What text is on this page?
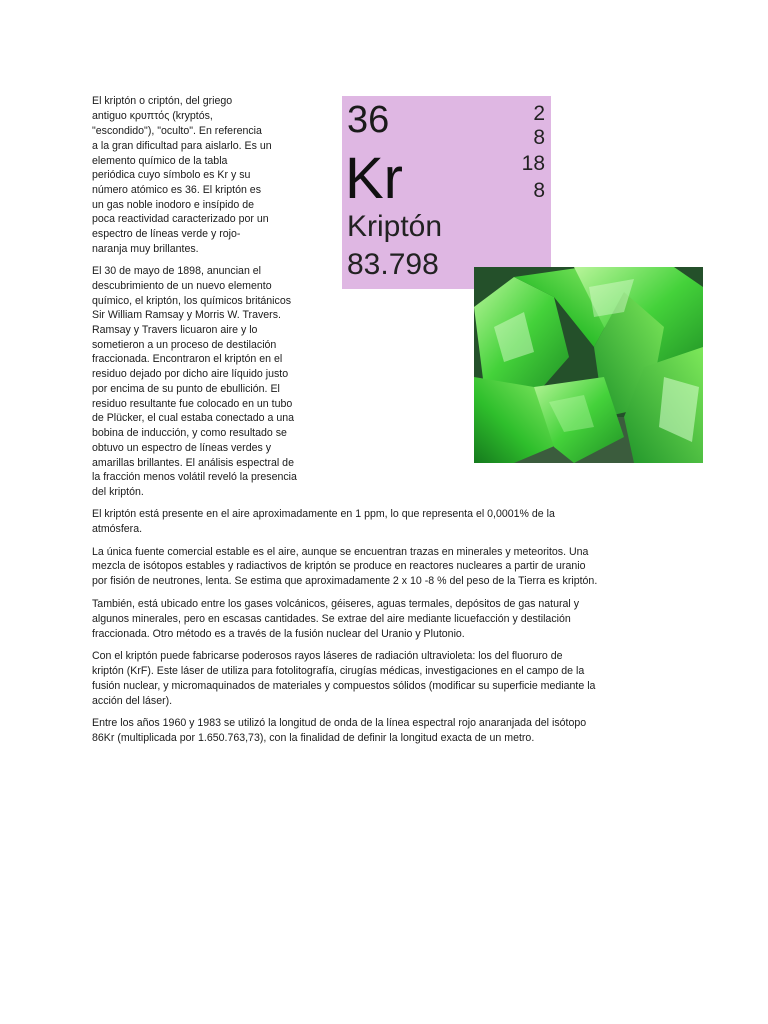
36
Kr
Kriptón
83.798
2
8
18
8
El kriptón o criptón, del griego
antiguo κρυπτός (kryptós,
"escondido"), "oculto". En referencia
a la gran dificultad para aislarlo. Es un
elemento químico de la tabla
periódica cuyo símbolo es Kr y su
número atómico es 36. El kriptón es
un gas noble inodoro e insípido de
poca reactividad caracterizado por un
espectro de líneas verde y rojo-
naranja muy brillantes.
El 30 de mayo de 1898, anuncian el
descubrimiento de un nuevo elemento
químico, el kriptón, los químicos británicos
Sir William Ramsay y Morris W. Travers.
Ramsay y Travers licuaron aire y lo
sometieron a un proceso de destilación
fraccionada. Encontraron el kriptón en el
residuo dejado por dicho aire líquido justo
por encima de su punto de ebullición. El
residuo resultante fue colocado en un tubo
de Plücker, el cual estaba conectado a una
bobina de inducción, y como resultado se
obtuvo un espectro de líneas verdes y
amarillas brillantes. El análisis espectral de
la fracción menos volátil reveló la presencia
del kriptón.
El kriptón está presente en el aire aproximadamente en 1 ppm, lo que representa el 0,0001% de la
atmósfera.
La única fuente comercial estable es el aire, aunque se encuentran trazas en minerales y meteoritos. Una
mezcla de isótopos estables y radiactivos de kriptón se produce en reactores nucleares a partir de uranio
por fisión de neutrones, lenta. Se estima que aproximadamente 2 x 10 -8 % del peso de la Tierra es kriptón.
También, está ubicado entre los gases volcánicos, géiseres, aguas termales, depósitos de gas natural y
algunos minerales, pero en escasas cantidades. Se extrae del aire mediante licuefacción y destilación
fraccionada. Otro método es a través de la fusión nuclear del Uranio y Plutonio.
Con el kriptón puede fabricarse poderosos rayos láseres de radiación ultravioleta: los del fluoruro de
kriptón (KrF). Este láser de utiliza para fotolitografía, cirugías médicas, investigaciones en el campo de la
fusión nuclear, y micromaquinados de materiales y compuestos sólidos (modificar su superficie mediante la
acción del láser).
Entre los años 1960 y 1983 se utilizó la longitud de onda de la línea espectral rojo anaranjada del isótopo
86Kr (multiplicada por 1.650.763,73), con la finalidad de definir la longitud exacta de un metro.
